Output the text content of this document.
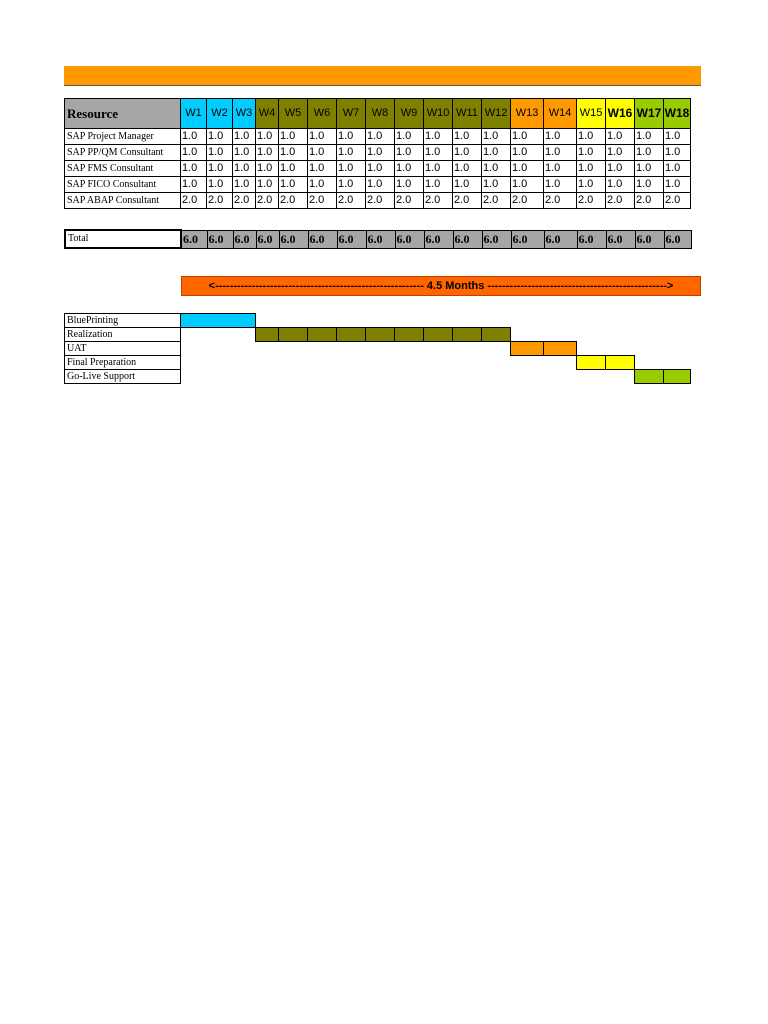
Resource	W1	W2	W3	W4	W5	W6	W7	W8	W9	W10	W11	W12	W13	W14	W15	W16	W17	W18
SAP Project Manager	1.0	1.0	1.0	1.0	1.0	1.0	1.0	1.0	1.0	1.0	1.0	1.0	1.0	1.0	1.0	1.0	1.0	1.0
SAP PP/QM Consultant	1.0	1.0	1.0	1.0	1.0	1.0	1.0	1.0	1.0	1.0	1.0	1.0	1.0	1.0	1.0	1.0	1.0	1.0
SAP FMS Consultant	1.0	1.0	1.0	1.0	1.0	1.0	1.0	1.0	1.0	1.0	1.0	1.0	1.0	1.0	1.0	1.0	1.0	1.0
SAP FICO Consultant	1.0	1.0	1.0	1.0	1.0	1.0	1.0	1.0	1.0	1.0	1.0	1.0	1.0	1.0	1.0	1.0	1.0	1.0
SAP ABAP Consultant	2.0	2.0	2.0	2.0	2.0	2.0	2.0	2.0	2.0	2.0	2.0	2.0	2.0	2.0	2.0	2.0	2.0	2.0
Total	6.0	6.0	6.0	6.0	6.0	6.0	6.0	6.0	6.0	6.0	6.0	6.0	6.0	6.0	6.0	6.0	6.0	6.0
<--------------------------------------------------------- 4.5 Months ------------------------------------------------->
BluePrinting																		
Realization																		
UAT																		
Final Preparation																		
Go-Live Support																		
